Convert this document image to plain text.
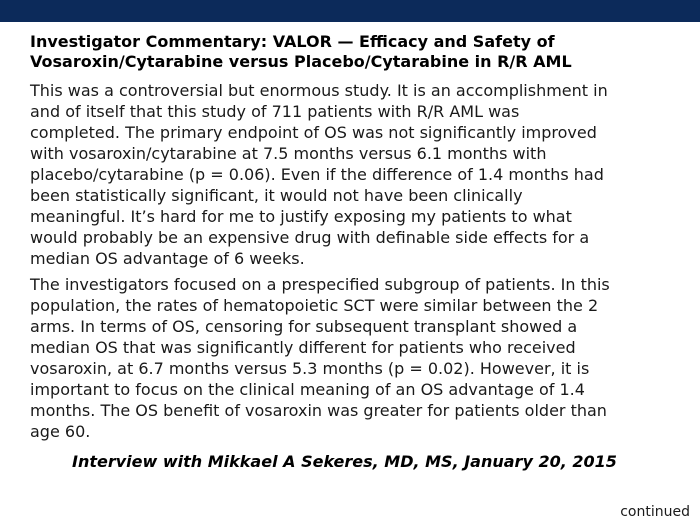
Investigator Commentary: VALOR — Efficacy and Safety of
Vosaroxin/Cytarabine versus Placebo/Cytarabine in R/R AML

This was a controversial but enormous study. It is an accomplishment in
and of itself that this study of 711 patients with R/R AML was
completed. The primary endpoint of OS was not significantly improved
with vosaroxin/cytarabine at 7.5 months versus 6.1 months with
placebo/cytarabine (p = 0.06). Even if the difference of 1.4 months had
been statistically significant, it would not have been clinically
meaningful. It’s hard for me to justify exposing my patients to what
would probably be an expensive drug with definable side effects for a
median OS advantage of 6 weeks.

The investigators focused on a prespecified subgroup of patients. In this
population, the rates of hematopoietic SCT were similar between the 2
arms. In terms of OS, censoring for subsequent transplant showed a
median OS that was significantly different for patients who received
vosaroxin, at 6.7 months versus 5.3 months (p = 0.02). However, it is
important to focus on the clinical meaning of an OS advantage of 1.4
months. The OS benefit of vosaroxin was greater for patients older than
age 60.

Interview with Mikkael A Sekeres, MD, MS, January 20, 2015

continued
